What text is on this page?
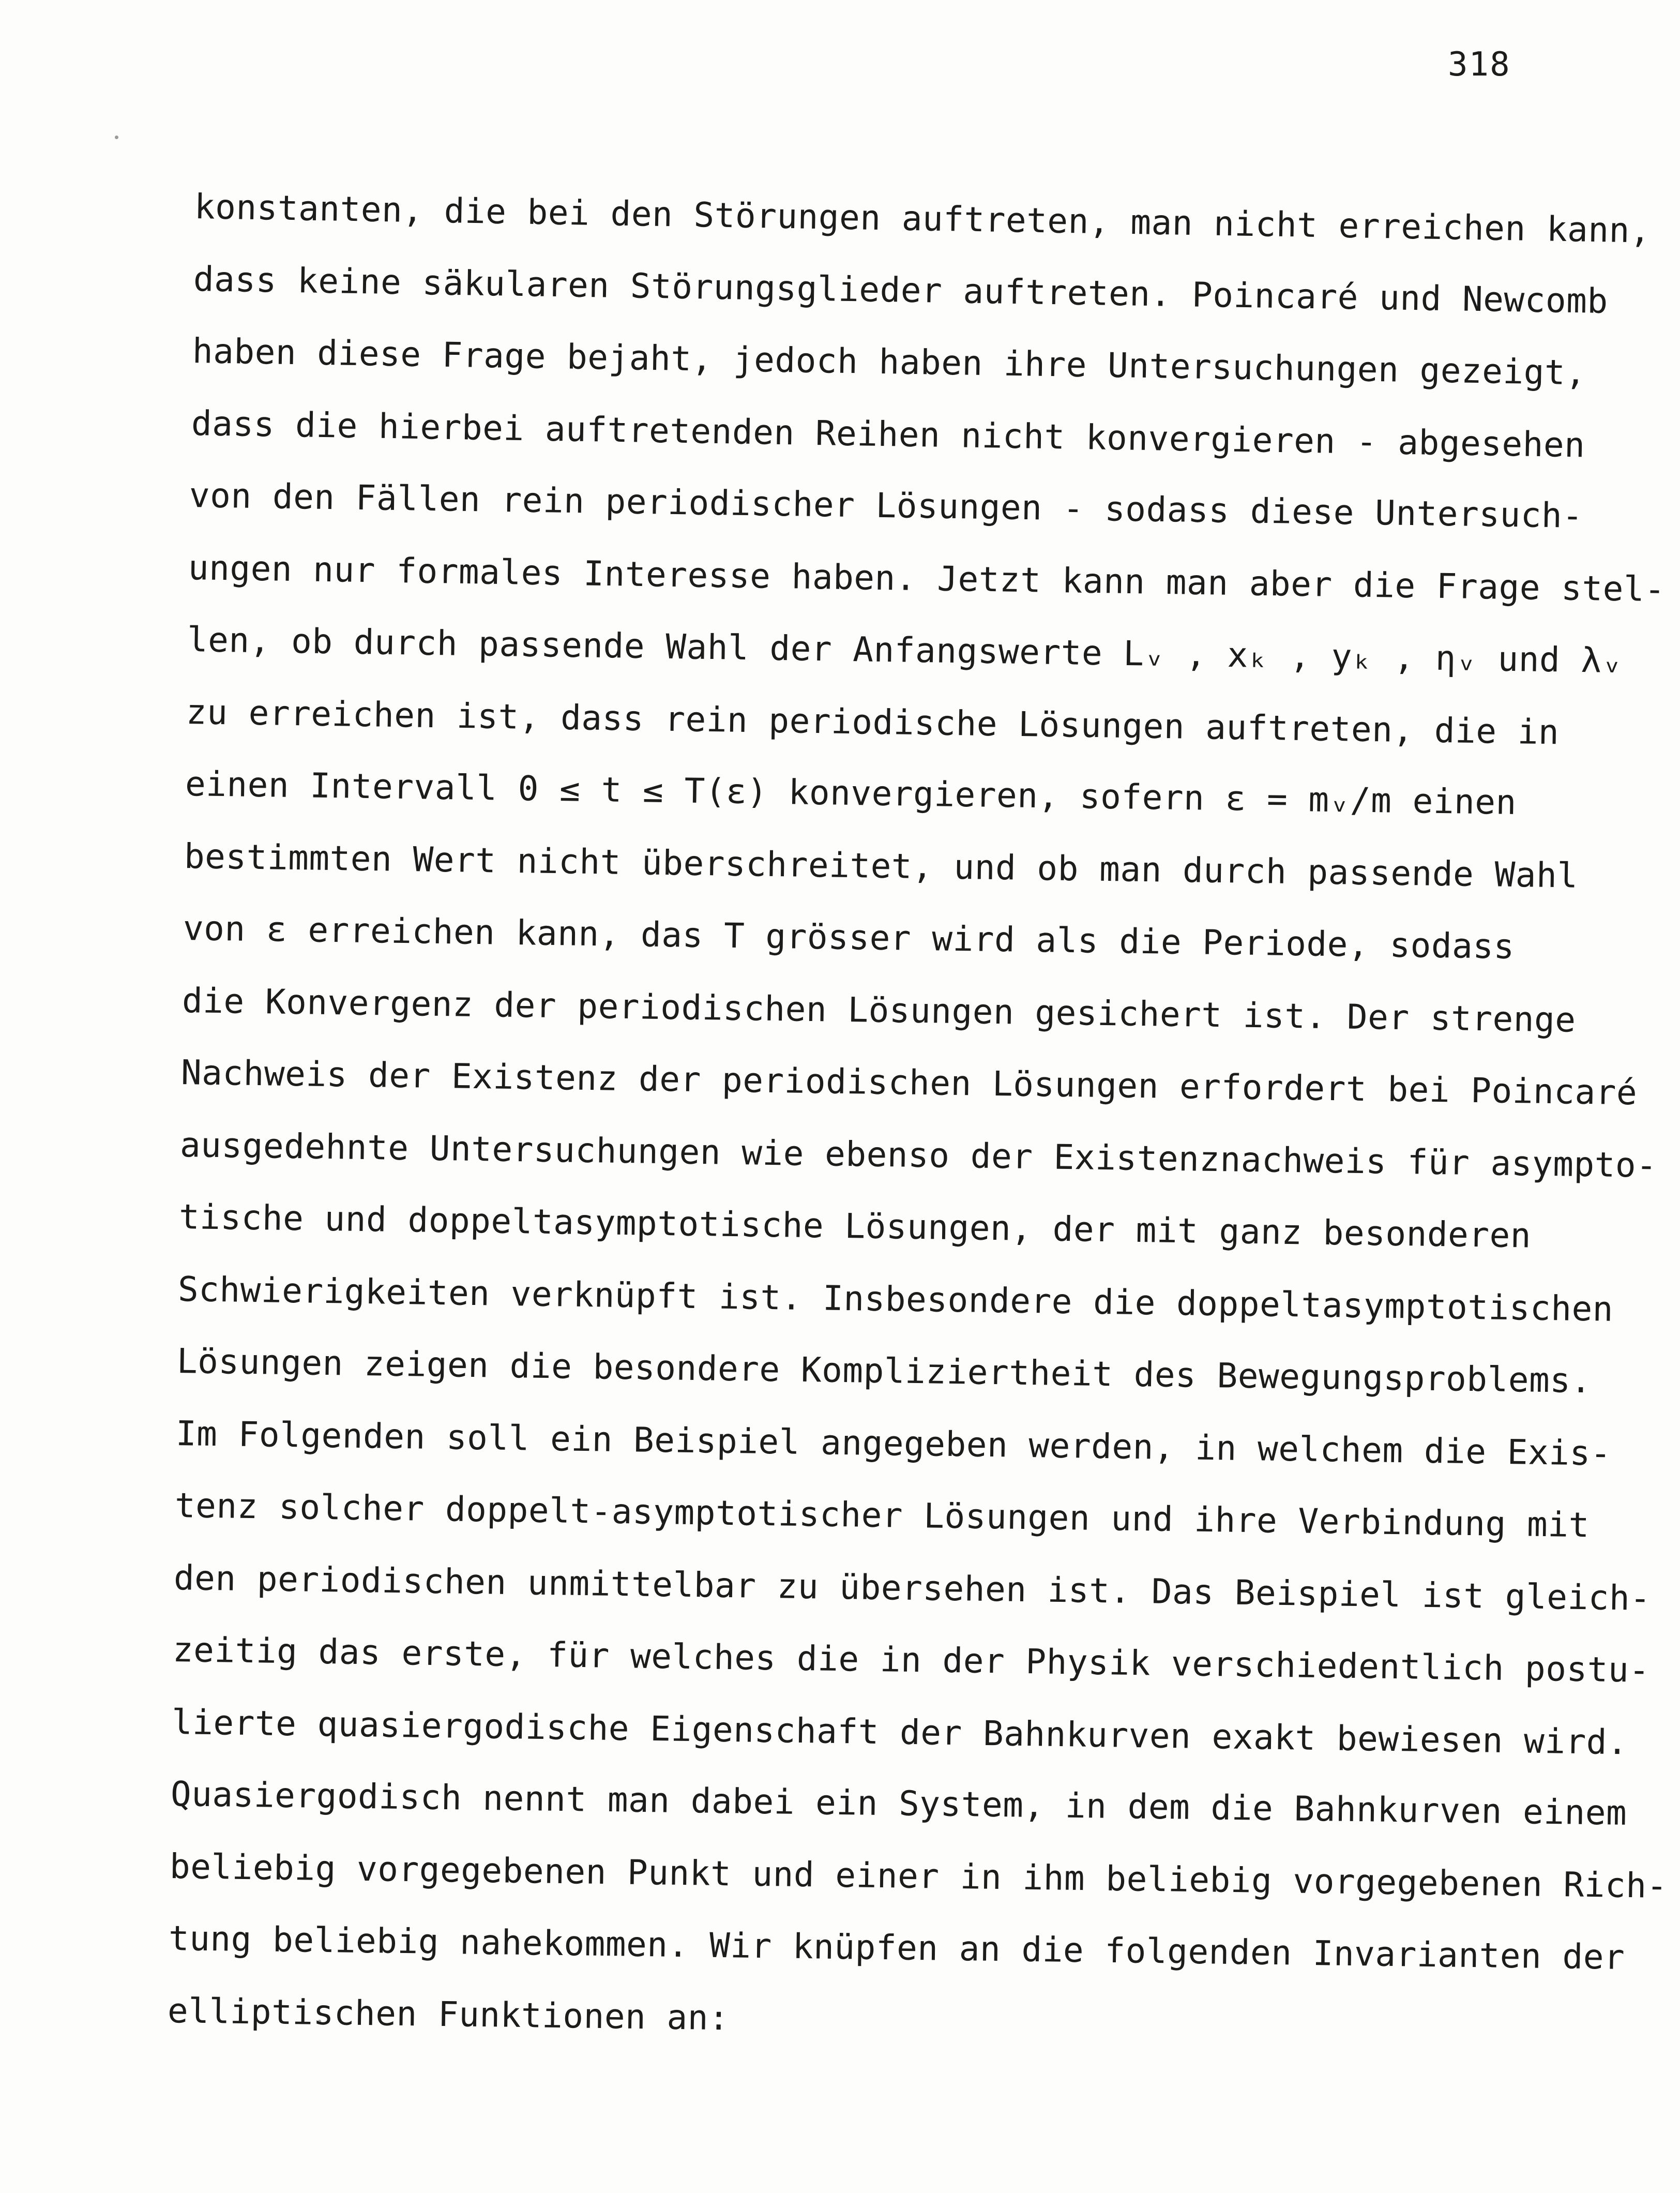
318
konstanten, die bei den Störungen auftreten, man nicht erreichen kann,
dass keine säkularen Störungsglieder auftreten. Poincaré und Newcomb
haben diese Frage bejaht, jedoch haben ihre Untersuchungen gezeigt,
dass die hierbei auftretenden Reihen nicht konvergieren - abgesehen
von den Fällen rein periodischer Lösungen - sodass diese Untersuch-
ungen nur formales Interesse haben. Jetzt kann man aber die Frage stel-
len, ob durch passende Wahl der Anfangswerte Lᵥ , xₖ , yₖ , ηᵥ und λᵥ
zu erreichen ist, dass rein periodische Lösungen auftreten, die in
einen Intervall 0 ≤ t ≤ T(ε) konvergieren, sofern ε = mᵥ/m einen
bestimmten Wert nicht überschreitet, und ob man durch passende Wahl
von ε erreichen kann, das T grösser wird als die Periode, sodass
die Konvergenz der periodischen Lösungen gesichert ist. Der strenge
Nachweis der Existenz der periodischen Lösungen erfordert bei Poincaré
ausgedehnte Untersuchungen wie ebenso der Existenznachweis für asympto-
tische und doppeltasymptotische Lösungen, der mit ganz besonderen
Schwierigkeiten verknüpft ist. Insbesondere die doppeltasymptotischen
Lösungen zeigen die besondere Kompliziertheit des Bewegungsproblems.
Im Folgenden soll ein Beispiel angegeben werden, in welchem die Exis-
tenz solcher doppelt-asymptotischer Lösungen und ihre Verbindung mit
den periodischen unmittelbar zu übersehen ist. Das Beispiel ist gleich-
zeitig das erste, für welches die in der Physik verschiedentlich postu-
lierte quasiergodische Eigenschaft der Bahnkurven exakt bewiesen wird.
Quasiergodisch nennt man dabei ein System, in dem die Bahnkurven einem
beliebig vorgegebenen Punkt und einer in ihm beliebig vorgegebenen Rich-
tung beliebig nahekommen. Wir knüpfen an die folgenden Invarianten der
elliptischen Funktionen an:
